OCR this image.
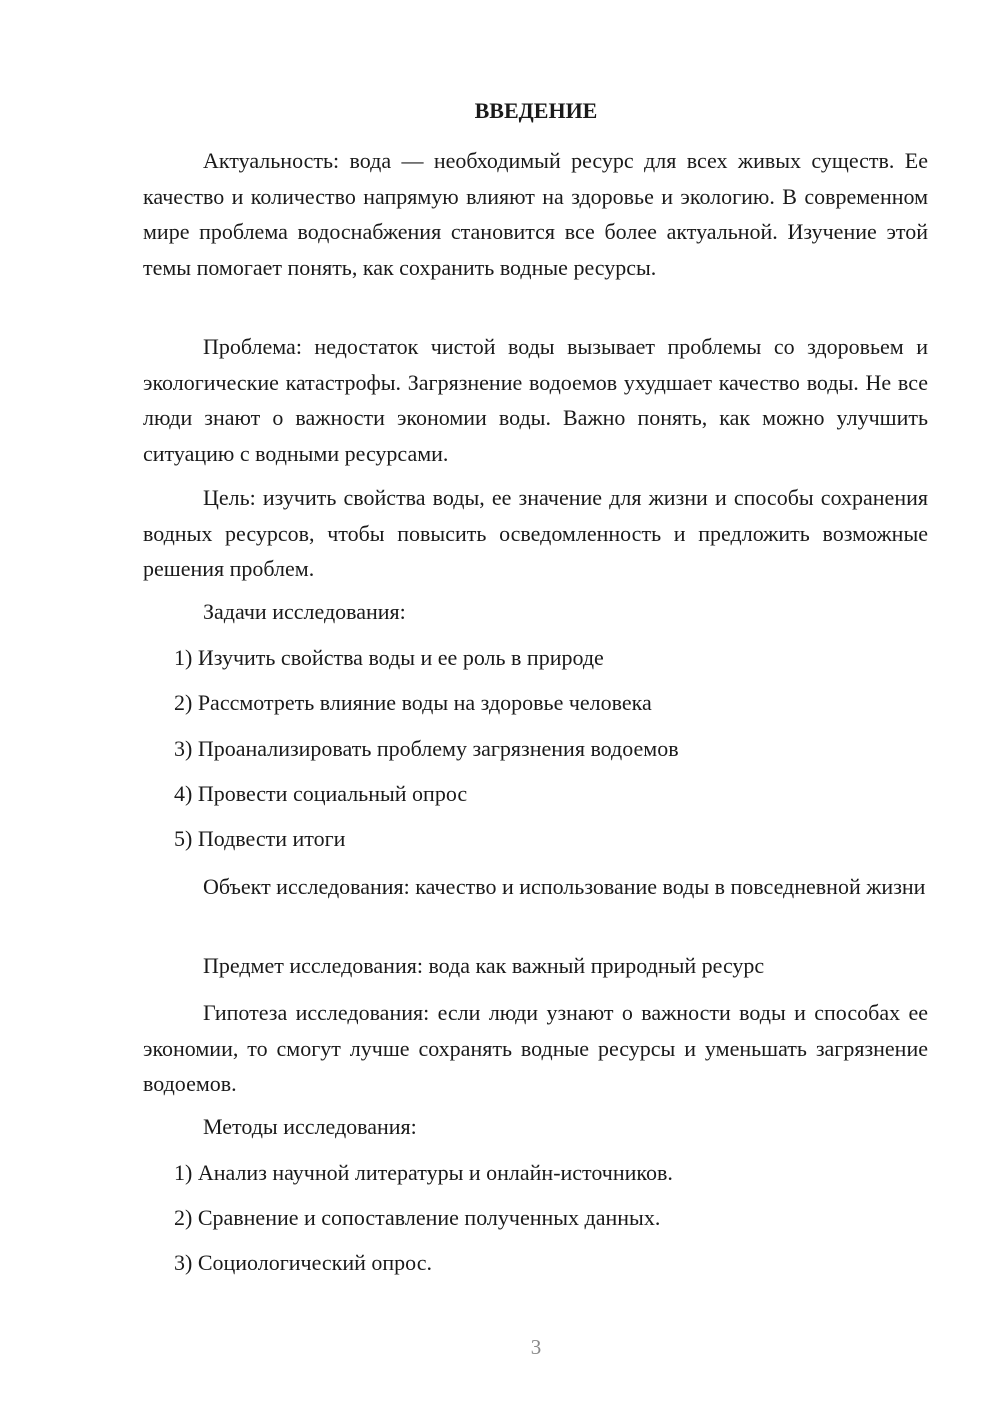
ВВЕДЕНИЕ

Актуальность: вода — необходимый ресурс для всех живых существ. Ее качество и количество напрямую влияют на здоровье и экологию. В современном мире проблема водоснабжения становится все более актуальной. Изучение этой темы помогает понять, как сохранить водные ресурсы.

Проблема: недостаток чистой воды вызывает проблемы со здоровьем и экологические катастрофы. Загрязнение водоемов ухудшает качество воды. Не все люди знают о важности экономии воды. Важно понять, как можно улучшить ситуацию с водными ресурсами.

Цель: изучить свойства воды, ее значение для жизни и способы сохранения водных ресурсов, чтобы повысить осведомленность и предложить возможные решения проблем.

Задачи исследования:

1) Изучить свойства воды и ее роль в природе

2) Рассмотреть влияние воды на здоровье человека

3) Проанализировать проблему загрязнения водоемов

4) Провести социальный опрос

5) Подвести итоги

Объект исследования: качество и использование воды в повседневной жизни

Предмет исследования: вода как важный природный ресурс

Гипотеза исследования: если люди узнают о важности воды и способах ее экономии, то смогут лучше сохранять водные ресурсы и уменьшать загрязнение водоемов.

Методы исследования:

1) Анализ научной литературы и онлайн-источников.

2) Сравнение и сопоставление полученных данных.

3) Социологический опрос.

3
